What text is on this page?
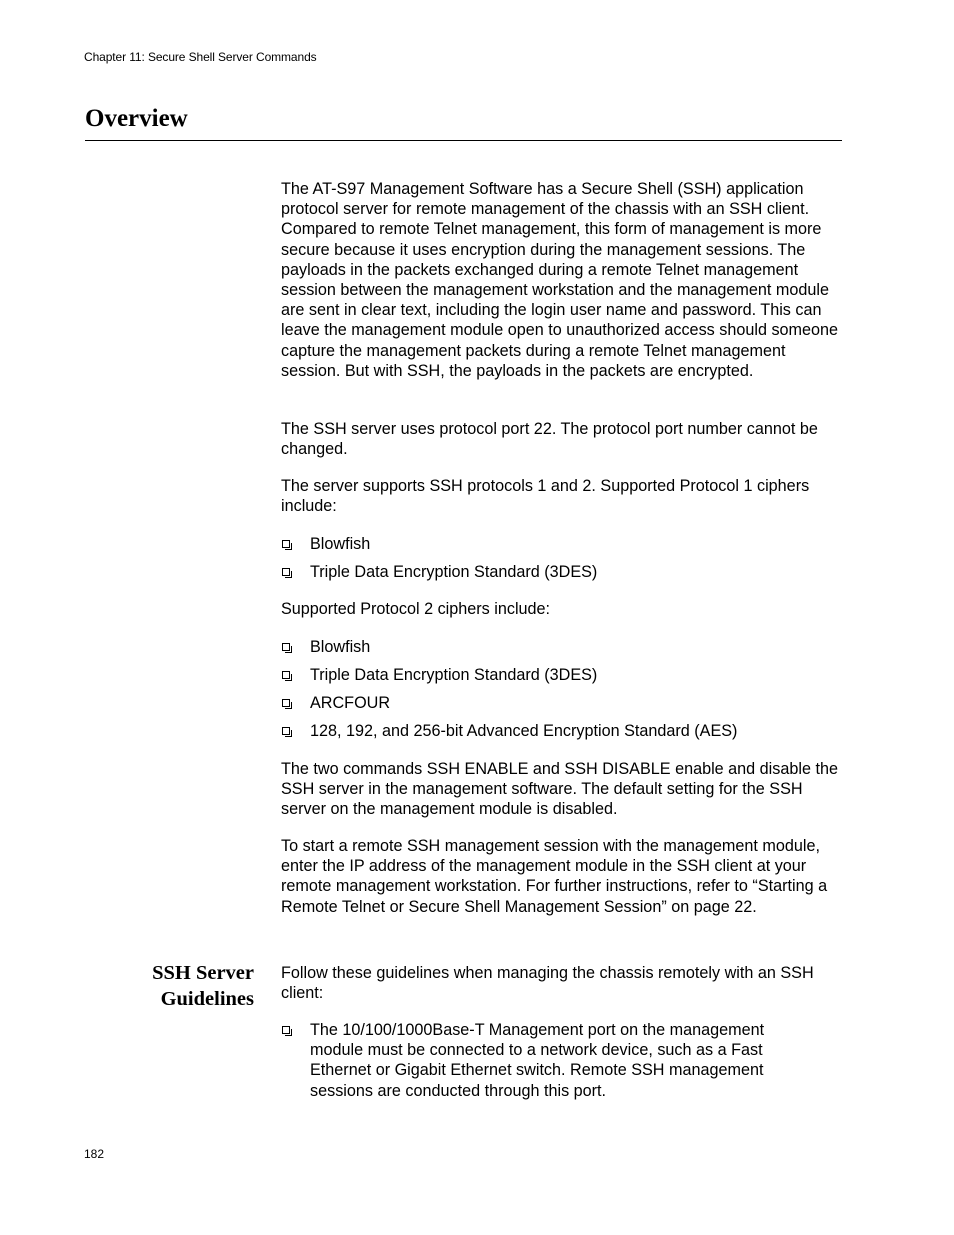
Chapter 11: Secure Shell Server Commands
Overview

The AT-S97 Management Software has a Secure Shell (SSH) application protocol server for remote management of the chassis with an SSH client. Compared to remote Telnet management, this form of management is more secure because it uses encryption during the management sessions. The payloads in the packets exchanged during a remote Telnet management session between the management workstation and the management module are sent in clear text, including the login user name and password. This can leave the management module open to unauthorized access should someone capture the management packets during a remote Telnet management session. But with SSH, the payloads in the packets are encrypted.

The SSH server uses protocol port 22. The protocol port number cannot be changed.

The server supports SSH protocols 1 and 2. Supported Protocol 1 ciphers include:

Blowfish
Triple Data Encryption Standard (3DES)

Supported Protocol 2 ciphers include:

Blowfish
Triple Data Encryption Standard (3DES)
ARCFOUR
128, 192, and 256-bit Advanced Encryption Standard (AES)

The two commands SSH ENABLE and SSH DISABLE enable and disable the SSH server in the management software. The default setting for the SSH server on the management module is disabled.

To start a remote SSH management session with the management module, enter the IP address of the management module in the SSH client at your remote management workstation. For further instructions, refer to “Starting a Remote Telnet or Secure Shell Management Session” on page 22.

SSH Server
Guidelines

Follow these guidelines when managing the chassis remotely with an SSH client:

The 10/100/1000Base-T Management port on the management module must be connected to a network device, such as a Fast Ethernet or Gigabit Ethernet switch. Remote SSH management sessions are conducted through this port.
182
